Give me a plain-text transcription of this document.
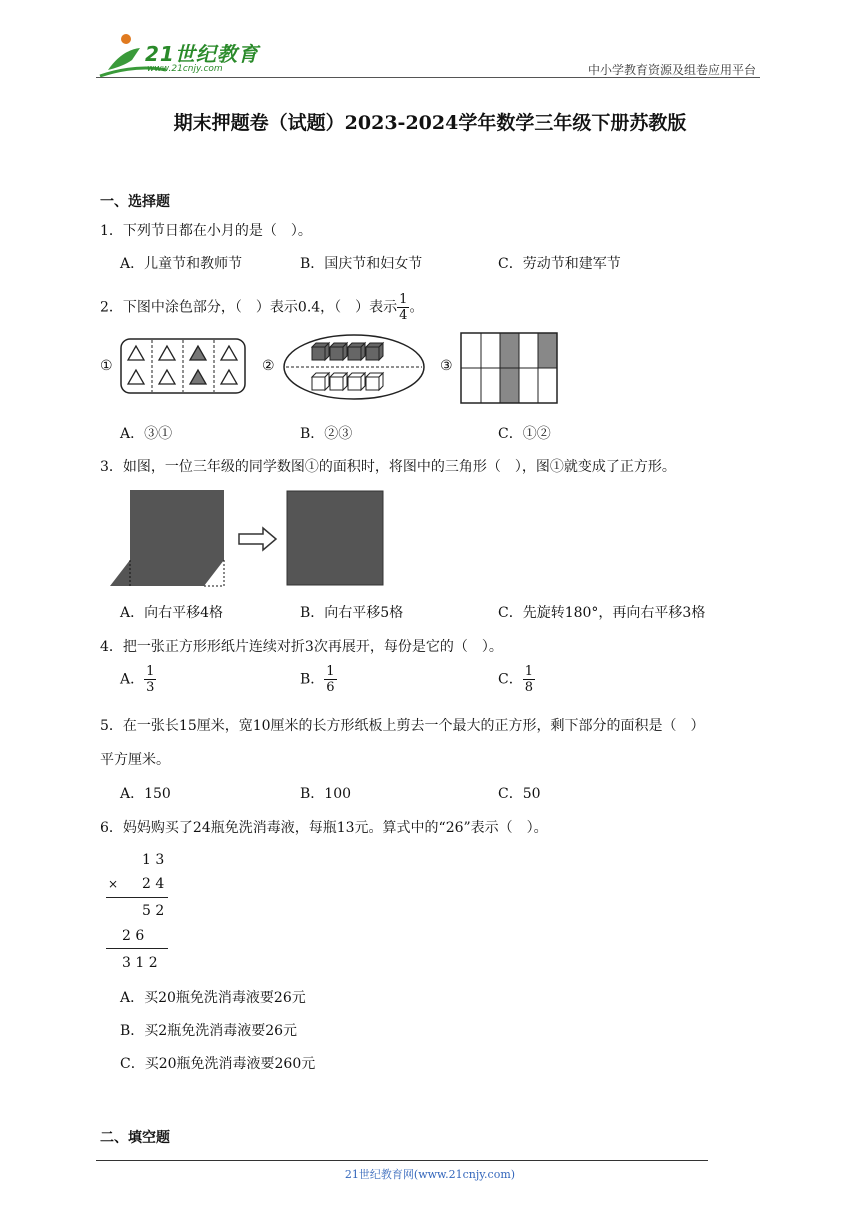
21世纪教育
www.21cnjy.com	中小学教育资源及组卷应用平台
期末押题卷（试题）2023-2024学年数学三年级下册苏教版
一、选择题
1．下列节日都在小月的是（　）。
A．儿童节和教师节	B．国庆节和妇女节	C．劳动节和建军节
2．下图中涂色部分，（　）表示0.4，（　）表示 $\frac{1}{4}$ 。
①	②	③
A．③①	B．②③	C．①②
3．如图，一位三年级的同学数图①的面积时，将图中的三角形（　），图①就变成了正方形。
A．向右平移4格	B．向右平移5格	C．先旋转180°，再向右平移3格
4．把一张正方形形纸片连续对折3次再展开，每份是它的（　）。
A． $\frac{1}{3}$	B． $\frac{1}{6}$	C． $\frac{1}{8}$
5．在一张长15厘米，宽10厘米的长方形纸板上剪去一个最大的正方形，剩下部分的面积是（　）
平方厘米。
A．150	B．100	C．50
6．妈妈购买了24瓶免洗消毒液，每瓶13元。算式中的“26”表示（　）。
1 3
× 2 4
5 2
2 6
3 1 2
A．买20瓶免洗消毒液要26元
B．买2瓶免洗消毒液要26元
C．买20瓶免洗消毒液要260元
二、填空题
21世纪教育网(www.21cnjy.com)
